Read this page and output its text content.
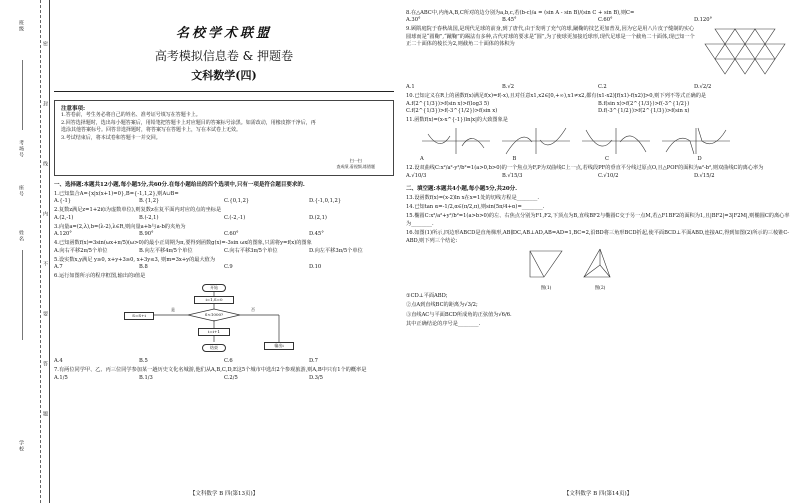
班级
考场号
座号
姓名
学校
密
封
线
内
不
要
答
题
名校学术联盟
高考模拟信息卷 & 押题卷
文科数学(四)
注意事项:
1.答卷前，考生务必将自己的姓名、准考证号填写在答题卡上。
2.回答选择题时，选出每小题答案后，用铅笔把答题卡上对应题目的答案标号涂黑。如需改动，用橡皮擦干净后，再选涂其他答案标号。回答非选择题时，将答案写在答题卡上，写在本试卷上无效。
3.考试结束后，将本试卷和答题卡一并交回。
扫一扫
查成绩,看视频,练错题
一、选择题:本题共12小题,每小题5分,共60分.在每小题给出的四个选项中,只有一项是符合题目要求的.
1.已知集合A={x|x(x+1)=0},B={-1,1,2},则A∪B=
A.{-1}	B.{1,2}	C.{0,1,2}	D.{-1,0,1,2}
2.复数z满足z=1+2i(i为虚数单位),则复数z在复平面内对应的点的坐标是
A.(2,-1)	B.(-2,1)	C.(-2,-1)	D.(2,1)
3.向量a=(2,λ),b=(λ-2),λ∈R,则向量a+b与a-b的夹角为
A.120°	B.90°	C.60°	D.45°
4.已知函数f(x)=3sin(ωx+π/5)(ω>0)的最小正周期为π,要得到函数g(x)=-3sin ωx的图象,只需将y=f(x)的图象
A.向右平移2π/5个单位	B.向左平移4π/5个单位	C.向右平移3π/5个单位	D.向左平移3π/5个单位
5.设实数x,y满足 y≥0, x+y+3≥0, x+3y≤3, 则m=3x+y的最大值为
A.7	B.8	C.9	D.10
6.运行如图所示的程序框图,输出的i值是
开始
i=1,S=0
S<1000?
S=S+i
i=i+1
输出i
结束
是	否
A.4	B.5	C.6	D.7
7.有两位同学甲、乙、丙三位同学参加某一趟历史文化名城游,他们从A,B,C,D,E这5个城市中选出2个参观旅游,则A,B中只有1个的概率是
A.1/5	B.1/3	C.2/5	D.3/5
【文科数学 B 四(第13页)】
8.在△ABC中,内角A,B,C所对的边分别为a,b,c,若(b-c)/a = (sin A - sin B)/(sin C + sin B),则C=
A.30°	B.45°	C.60°	D.120°
9.顾隋庭院于春秋战国,是现代足球的前身,到了唐代,由于发明了充气的球,蹴鞠的技艺更加普及,因为它是用八片皮子缝制的实心圆球而是“圆鞠”,“蹴鞠”的踢法有多种,古代对球的要求是“圆”,为了使球更加接近球形,现代足球是一个截角二十面体,现已知一个正二十面体的棱长为2,则截角二十面体的体积为
A.1	B.√2	C.2	D.√2/2
10.已知定义在R上的函数f(x)满足f(x)=f(-x),且对任意x1,x2∈[0,+∞),x1≠x2,都有(x1-x2)[f(x1)-f(x2)]>0,则下列不等式正确的是
A.f(2^{1/3})>f(sin x)>f(log3 5)	B.f(sin x)>f(2^{1/3})>f(-3^{1/2})
C.f(2^{1/3})>f(-3^{1/2})>f(sin x)	D.f(-3^{1/2})>f(2^{1/3})>f(sin x)
11.函数f(x)=(x-x^{-1})ln|x|的大致图象是
A	B	C	D
12.设双曲线C:x²/a²-y²/b²=1(a>0,b>0)的一个焦点为F,P为双曲线C上一点,若线段PF的垂直平分线过原点O,且△POF的面积为a²-b²,则双曲线C的离心率为
A.√10/3	B.√15/3	C.√10/2	D.√15/2
二、填空题:本题共4小题,每小题5分,共20分.
13.设函数f(x)=(x-2)ln x在x=1处的切线方程是________.
14.已知tan α=-1/2,α∈(π/2,π),则sin(5π/4+α)=________.
15.椭圆C:x²/a²+y²/b²=1(a>b>0)的左、右焦点分别为F1,F2,下顶点为B,直线BF2与椭圆C交于另一点M,若△F1BF2的面积为1,且|BF2|=3|F2M|,则椭圆C的离心率为________.
16.如图(1)所示,四边形ABCD是直角梯形,AB∥DC,AB⊥AD,AB=AD=1,BC=2,沿BD将三角形BCD折起,使平面BCD⊥平面ABD,连接AC,得到如图(2)所示的三棱锥C-ABD,则下列三个结论:
图(1)	图(2)
①CD⊥平面ABD;
②点A到直线BC的距离为√3/2;
③直线AC与平面BCD所成角的正弦值为√6/6.
其中正确结论的序号是________.
【文科数学 B 四(第14页)】
